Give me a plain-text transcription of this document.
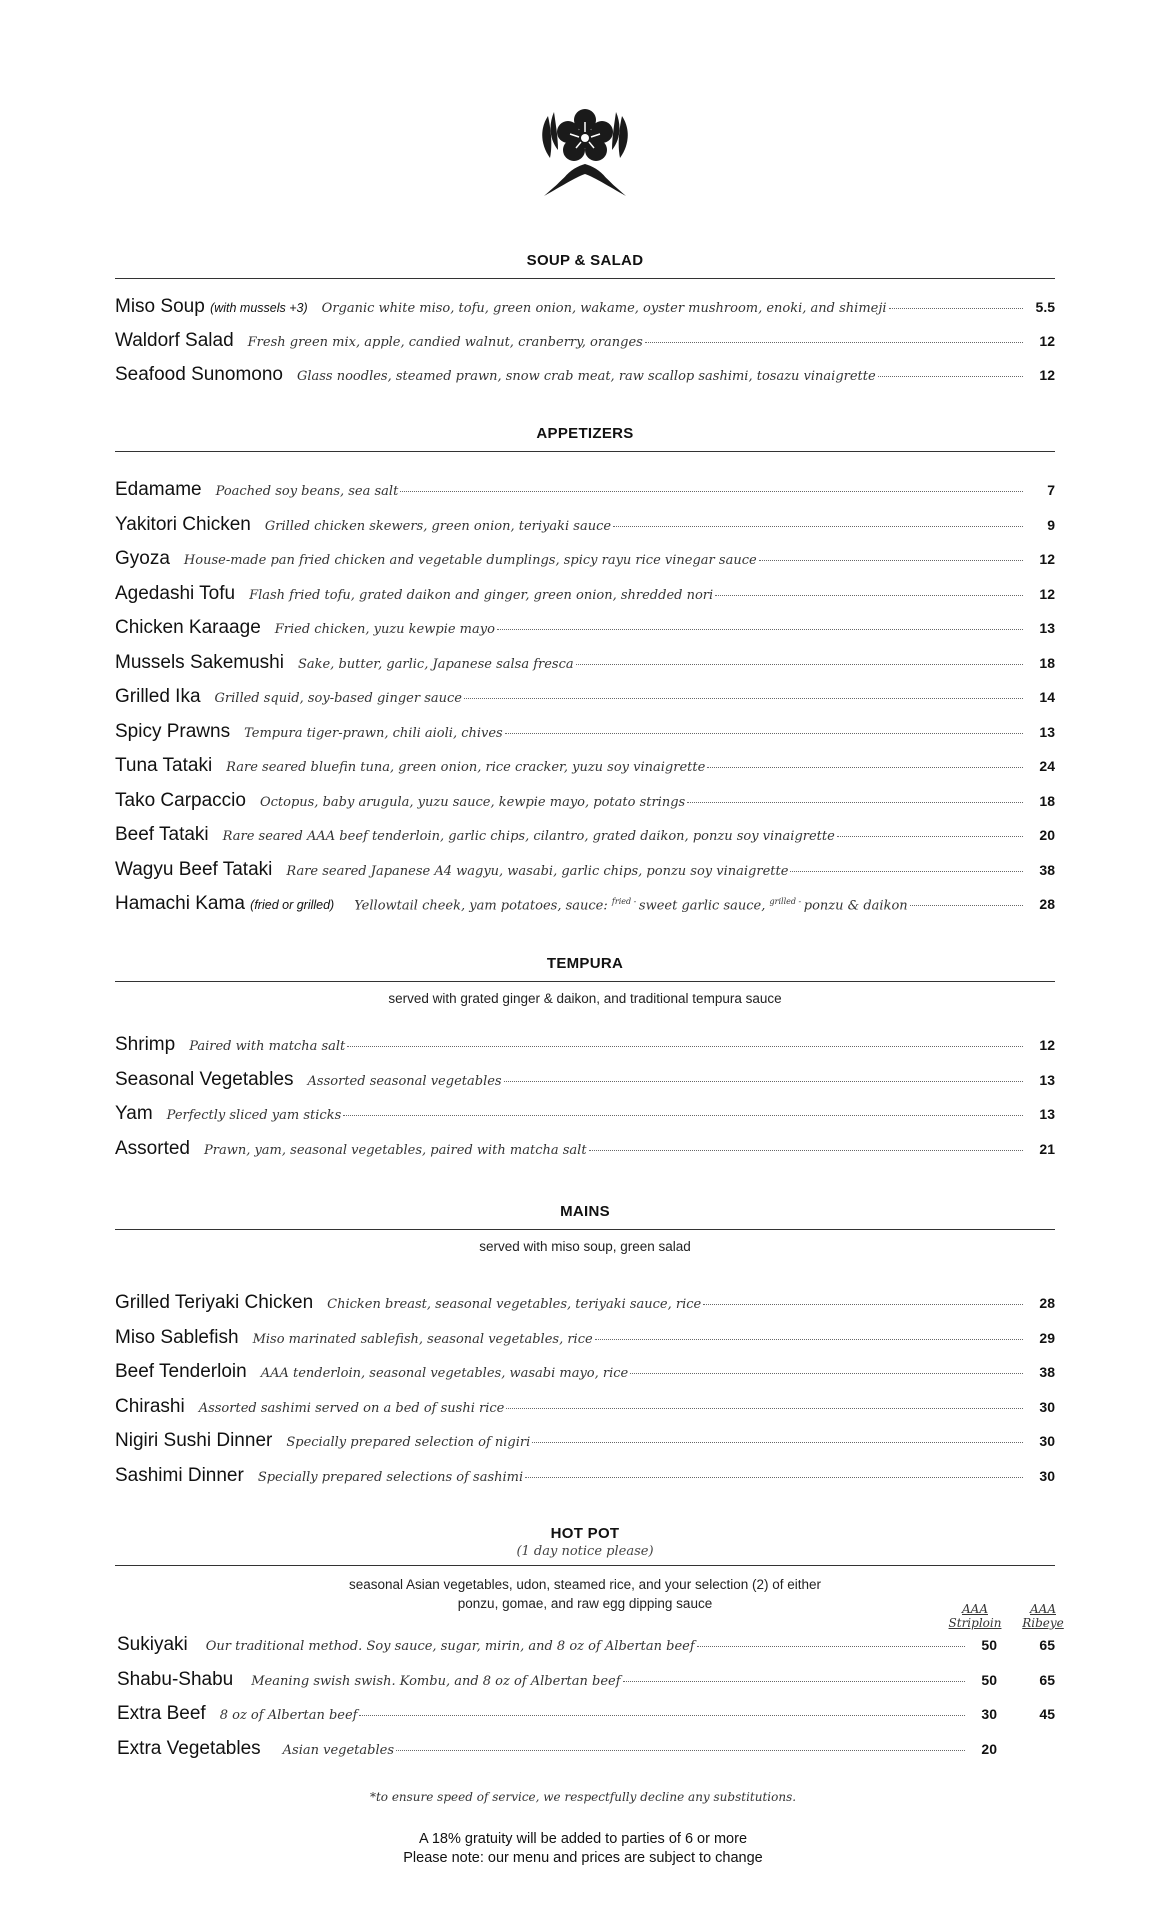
SOUP & SALAD
Miso Soup (with mussels +3) Organic white miso, tofu, green onion, wakame, oyster mushroom, enoki, and shimeji	5.5
Waldorf Salad Fresh green mix, apple, candied walnut, cranberry, oranges	12
Seafood Sunomono Glass noodles, steamed prawn, snow crab meat, raw scallop sashimi, tosazu vinaigrette	12
APPETIZERS
Edamame Poached soy beans, sea salt	7
Yakitori Chicken Grilled chicken skewers, green onion, teriyaki sauce	9
Gyoza House-made pan fried chicken and vegetable dumplings, spicy rayu rice vinegar sauce	12
Agedashi Tofu Flash fried tofu, grated daikon and ginger, green onion, shredded nori	12
Chicken Karaage Fried chicken, yuzu kewpie mayo	13
Mussels Sakemushi Sake, butter, garlic, Japanese salsa fresca	18
Grilled Ika Grilled squid, soy-based ginger sauce	14
Spicy Prawns Tempura tiger-prawn, chili aioli, chives	13
Tuna Tataki Rare seared bluefin tuna, green onion, rice cracker, yuzu soy vinaigrette	24
Tako Carpaccio Octopus, baby arugula, yuzu sauce, kewpie mayo, potato strings	18
Beef Tataki Rare seared AAA beef tenderloin, garlic chips, cilantro, grated daikon, ponzu soy vinaigrette	20
Wagyu Beef Tataki Rare seared Japanese A4 wagyu, wasabi, garlic chips, ponzu soy vinaigrette	38
Hamachi Kama (fried or grilled) Yellowtail cheek, yam potatoes, sauce: $^{fried -}$ sweet garlic sauce, $^{grilled -}$ ponzu & daikon	28
TEMPURA
served with grated ginger & daikon, and traditional tempura sauce
Shrimp Paired with matcha salt	12
Seasonal Vegetables Assorted seasonal vegetables	13
Yam Perfectly sliced yam sticks	13
Assorted Prawn, yam, seasonal vegetables, paired with matcha salt	21
MAINS
served with miso soup, green salad
Grilled Teriyaki Chicken Chicken breast, seasonal vegetables, teriyaki sauce, rice	28
Miso Sablefish Miso marinated sablefish, seasonal vegetables, rice	29
Beef Tenderloin AAA tenderloin, seasonal vegetables, wasabi mayo, rice	38
Chirashi Assorted sashimi served on a bed of sushi rice	30
Nigiri Sushi Dinner Specially prepared selection of nigiri	30
Sashimi Dinner Specially prepared selections of sashimi	30
HOT POT
(1 day notice please)
seasonal Asian vegetables, udon, steamed rice, and your selection (2) of either
ponzu, gomae, and raw egg dipping sauce	AAA
Striploin
AAA
Ribeye
Sukiyaki Our traditional method. Soy sauce, sugar, mirin, and 8 oz of Albertan beef	50	65
Shabu-Shabu Meaning swish swish. Kombu, and 8 oz of Albertan beef	50	65
Extra Beef 8 oz of Albertan beef	30	45
Extra Vegetables Asian vegetables	20
*to ensure speed of service, we respectfully decline any substitutions.
A 18% gratuity will be added to parties of 6 or more
Please note: our menu and prices are subject to change
